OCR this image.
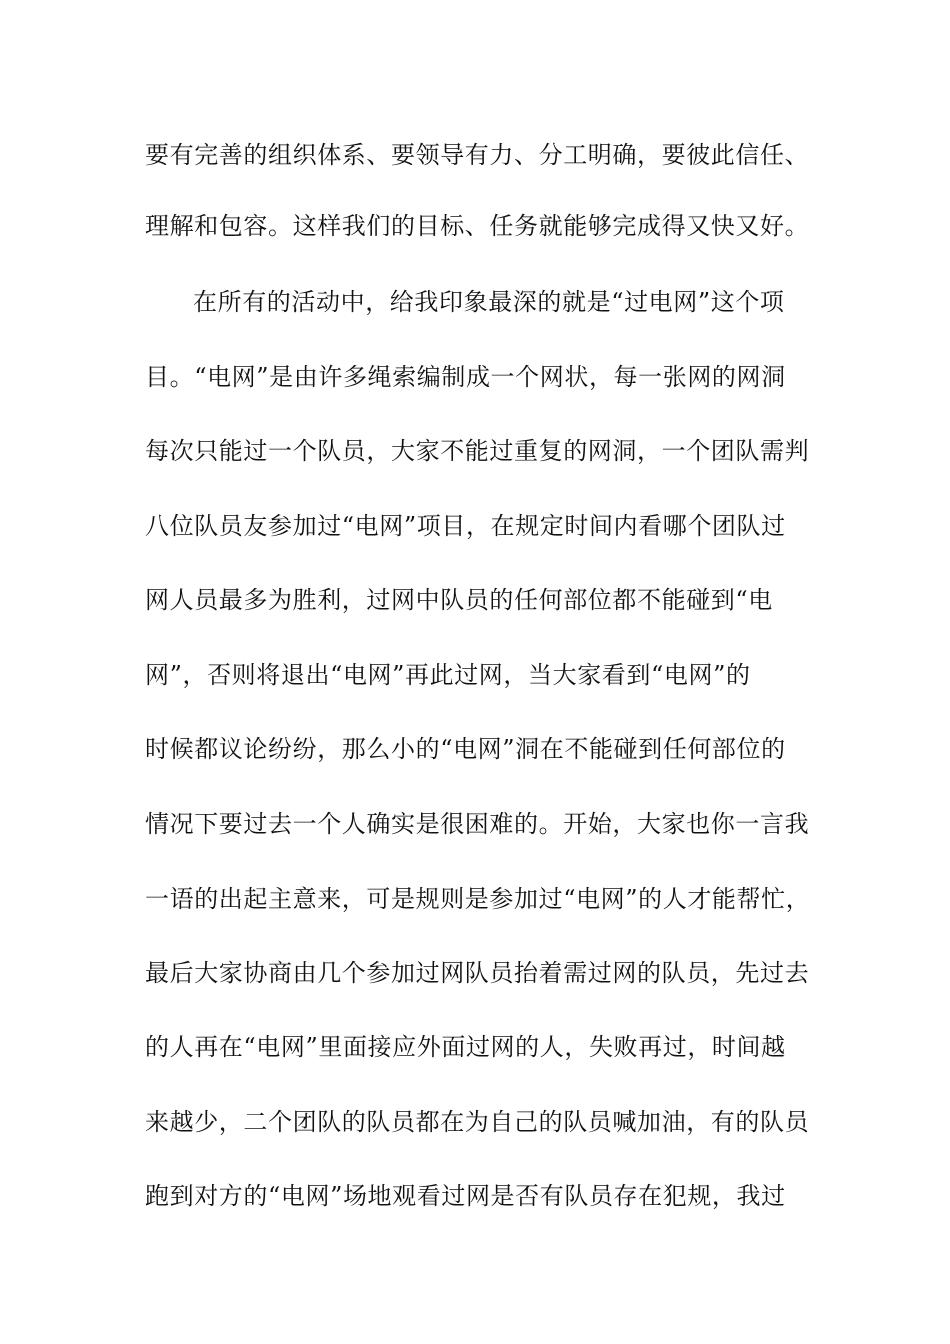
要有完善的组织体系、要领导有力、分工明确，要彼此信任、
理解和包容。这样我们的目标、任务就能够完成得又快又好。
在所有的活动中，给我印象最深的就是“过电网”这个项
目。“电网”是由许多绳索编制成一个网状，每一张网的网洞
每次只能过一个队员，大家不能过重复的网洞，一个团队需判
八位队员友参加过“电网”项目，在规定时间内看哪个团队过
网人员最多为胜利，过网中队员的任何部位都不能碰到“电
网”，否则将退出“电网”再此过网，当大家看到“电网”的
时候都议论纷纷，那么小的“电网”洞在不能碰到任何部位的
情况下要过去一个人确实是很困难的。开始，大家也你一言我
一语的出起主意来，可是规则是参加过“电网”的人才能帮忙，
最后大家协商由几个参加过网队员抬着需过网的队员，先过去
的人再在“电网”里面接应外面过网的人，失败再过，时间越
来越少，二个团队的队员都在为自己的队员喊加油，有的队员
跑到对方的“电网”场地观看过网是否有队员存在犯规，我过
